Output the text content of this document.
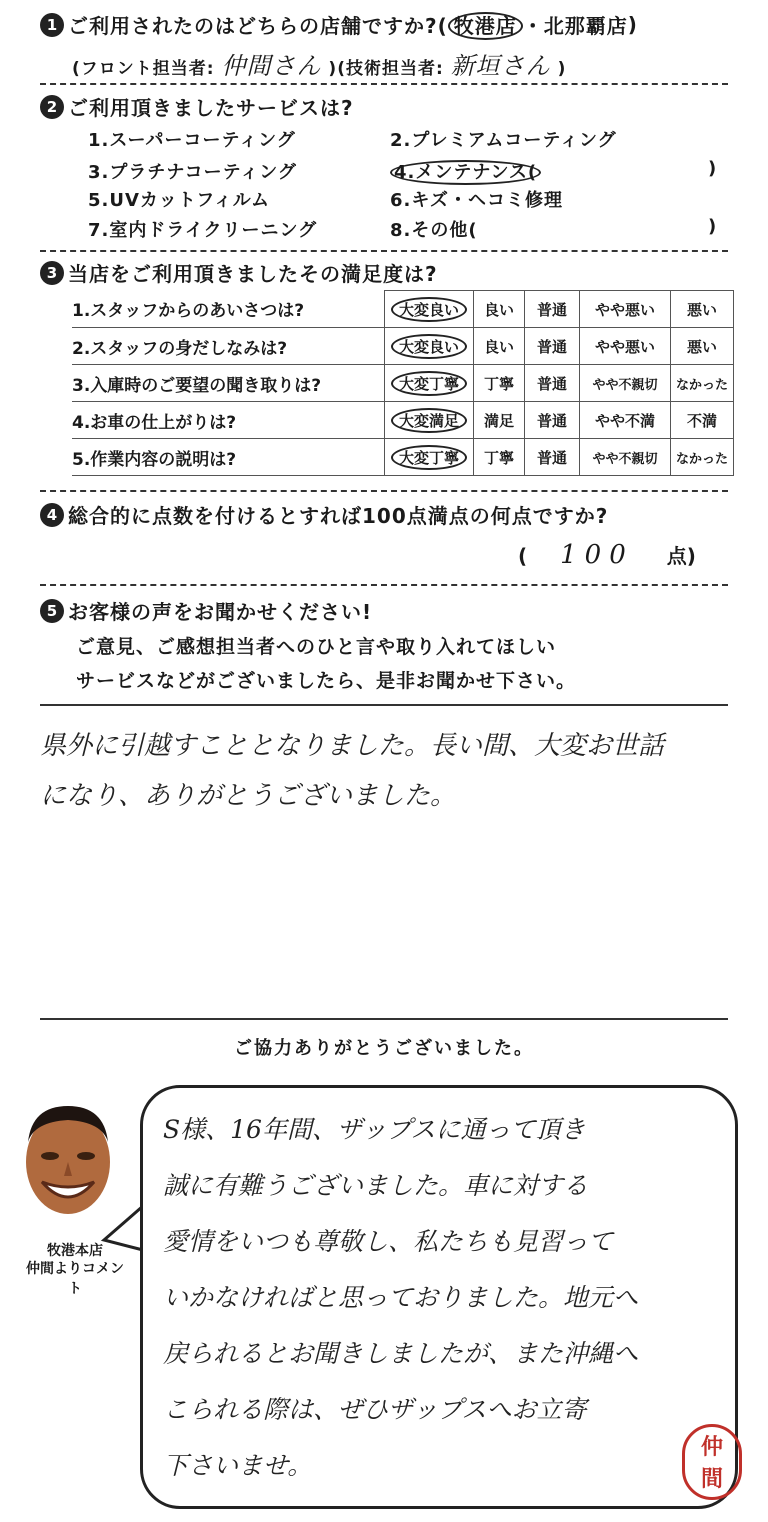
1 ご利用されたのはどちらの店舗ですか?( 牧港店 ・北那覇店)
(フロント担当者: 仲間さん )(技術担当者: 新垣さん )
2 ご利用頂きましたサービスは?
1.スーパーコーティング	2.プレミアムコーティング
3.プラチナコーティング	4.メンテナンス(	)
5.UVカットフィルム	6.キズ・ヘコミ修理
7.室内ドライクリーニング	8.その他(	)
3 当店をご利用頂きましたその満足度は?
1.スタッフからのあいさつは?	大変良い	良い	普通	やや悪い	悪い
2.スタッフの身だしなみは?	大変良い	良い	普通	やや悪い	悪い
3.入庫時のご要望の聞き取りは?	大変丁寧	丁寧	普通	やや不親切	なかった
4.お車の仕上がりは?	大変満足	満足	普通	やや不満	不満
5.作業内容の説明は?	大変丁寧	丁寧	普通	やや不親切	なかった
4 総合的に点数を付けるとすれば100点満点の何点ですか?
( 100 点)
5 お客様の声をお聞かせください!
ご意見、ご感想担当者へのひと言や取り入れてほしい
サービスなどがございましたら、是非お聞かせ下さい。
県外に引越すこととなりました。長い間、大変お世話
になり、ありがとうございました。
ご協力ありがとうございました。
牧港本店
仲間よりコメント
S様、16年間、ザップスに通って頂き
誠に有難うございました。車に対する
愛情をいつも尊敬し、私たちも見習って
いかなければと思っておりました。地元へ
戻られるとお聞きしましたが、また沖縄へ
こられる際は、ぜひザップスへお立寄
下さいませ。
仲
間
